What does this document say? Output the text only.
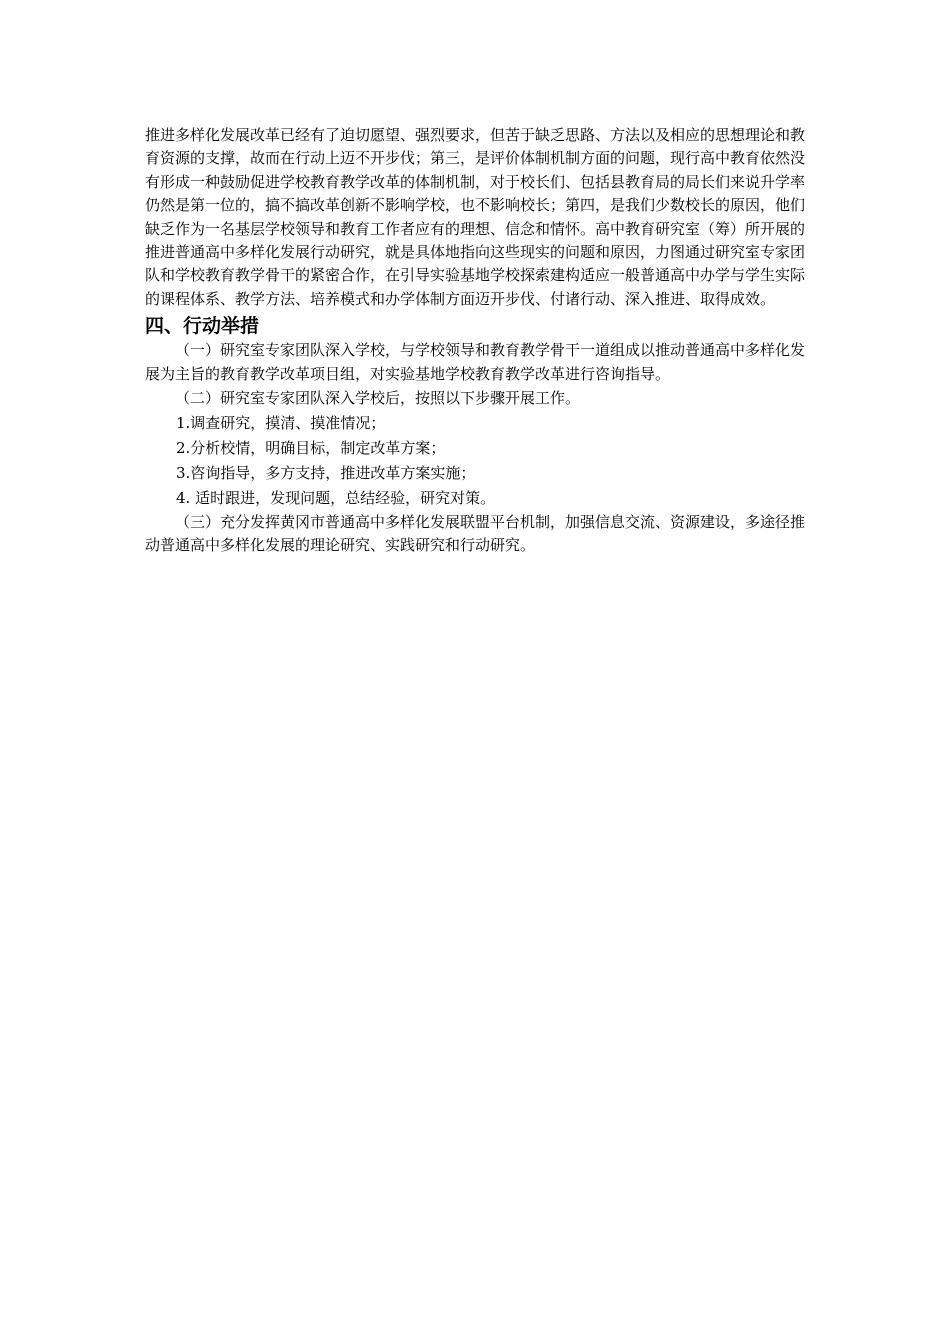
推进多样化发展改革已经有了迫切愿望、强烈要求，但苦于缺乏思路、方法以及相应的思想理论和教育资源的支撑，故而在行动上迈不开步伐；第三，是评价体制机制方面的问题，现行高中教育依然没有形成一种鼓励促进学校教育教学改革的体制机制，对于校长们、包括县教育局的局长们来说升学率仍然是第一位的，搞不搞改革创新不影响学校，也不影响校长；第四，是我们少数校长的原因，他们缺乏作为一名基层学校领导和教育工作者应有的理想、信念和情怀。高中教育研究室（筹）所开展的推进普通高中多样化发展行动研究，就是具体地指向这些现实的问题和原因，力图通过研究室专家团队和学校教育教学骨干的紧密合作，在引导实验基地学校探索建构适应一般普通高中办学与学生实际的课程体系、教学方法、培养模式和办学体制方面迈开步伐、付诸行动、深入推进、取得成效。

四、行动举措

（一）研究室专家团队深入学校，与学校领导和教育教学骨干一道组成以推动普通高中多样化发展为主旨的教育教学改革项目组，对实验基地学校教育教学改革进行咨询指导。

（二）研究室专家团队深入学校后，按照以下步骤开展工作。

1.调查研究，摸清、摸准情况；

2.分析校情，明确目标，制定改革方案；

3.咨询指导，多方支持，推进改革方案实施；

4. 适时跟进，发现问题，总结经验，研究对策。

（三）充分发挥黄冈市普通高中多样化发展联盟平台机制，加强信息交流、资源建设，多途径推动普通高中多样化发展的理论研究、实践研究和行动研究。
